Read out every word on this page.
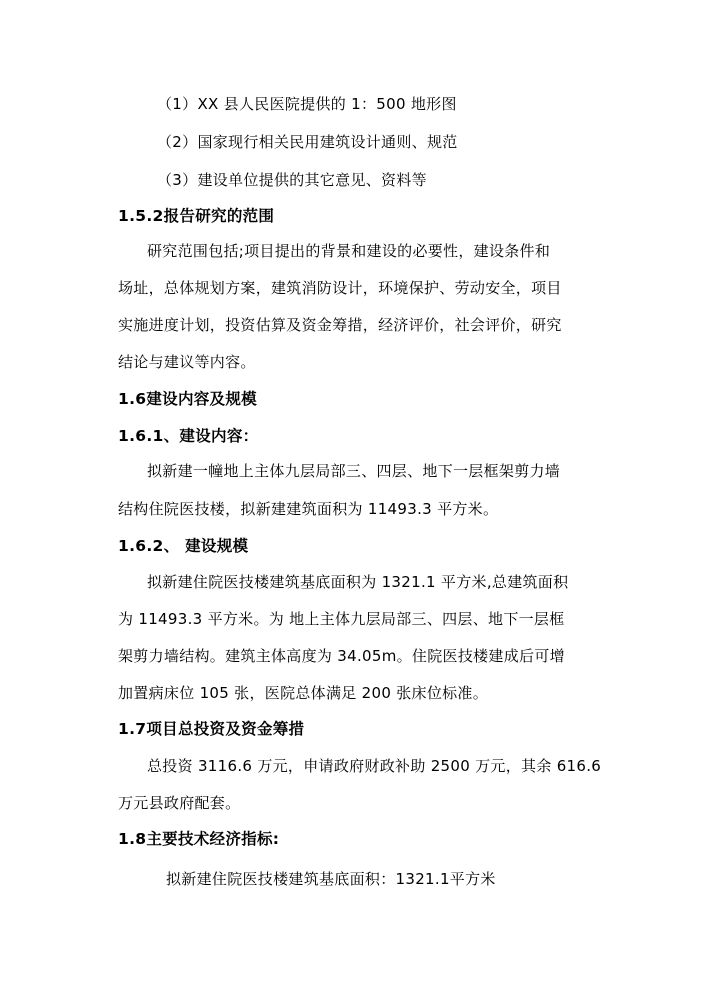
（1）XX 县人民医院提供的 1：500 地形图
（2）国家现行相关民用建筑设计通则、规范
（3）建设单位提供的其它意见、资料等
1.5.2报告研究的范围
研究范围包括;项目提出的背景和建设的必要性，建设条件和
场址，总体规划方案，建筑消防设计，环境保护、劳动安全，项目
实施进度计划，投资估算及资金筹措，经济评价，社会评价，研究
结论与建议等内容。
1.6建设内容及规模
1.6.1、建设内容：
拟新建一幢地上主体九层局部三、四层、地下一层框架剪力墙
结构住院医技楼，拟新建建筑面积为 11493.3 平方米。
1.6.2、 建设规模
拟新建住院医技楼建筑基底面积为 1321.1 平方米,总建筑面积
为 11493.3 平方米。为 地上主体九层局部三、四层、地下一层框
架剪力墙结构。建筑主体高度为 34.05m。住院医技楼建成后可增
加置病床位 105 张，医院总体满足 200 张床位标准。
1.7项目总投资及资金筹措
总投资 3116.6 万元，申请政府财政补助 2500 万元，其余 616.6
万元县政府配套。
1.8主要技术经济指标:
拟新建住院医技楼建筑基底面积：1321.1平方米
